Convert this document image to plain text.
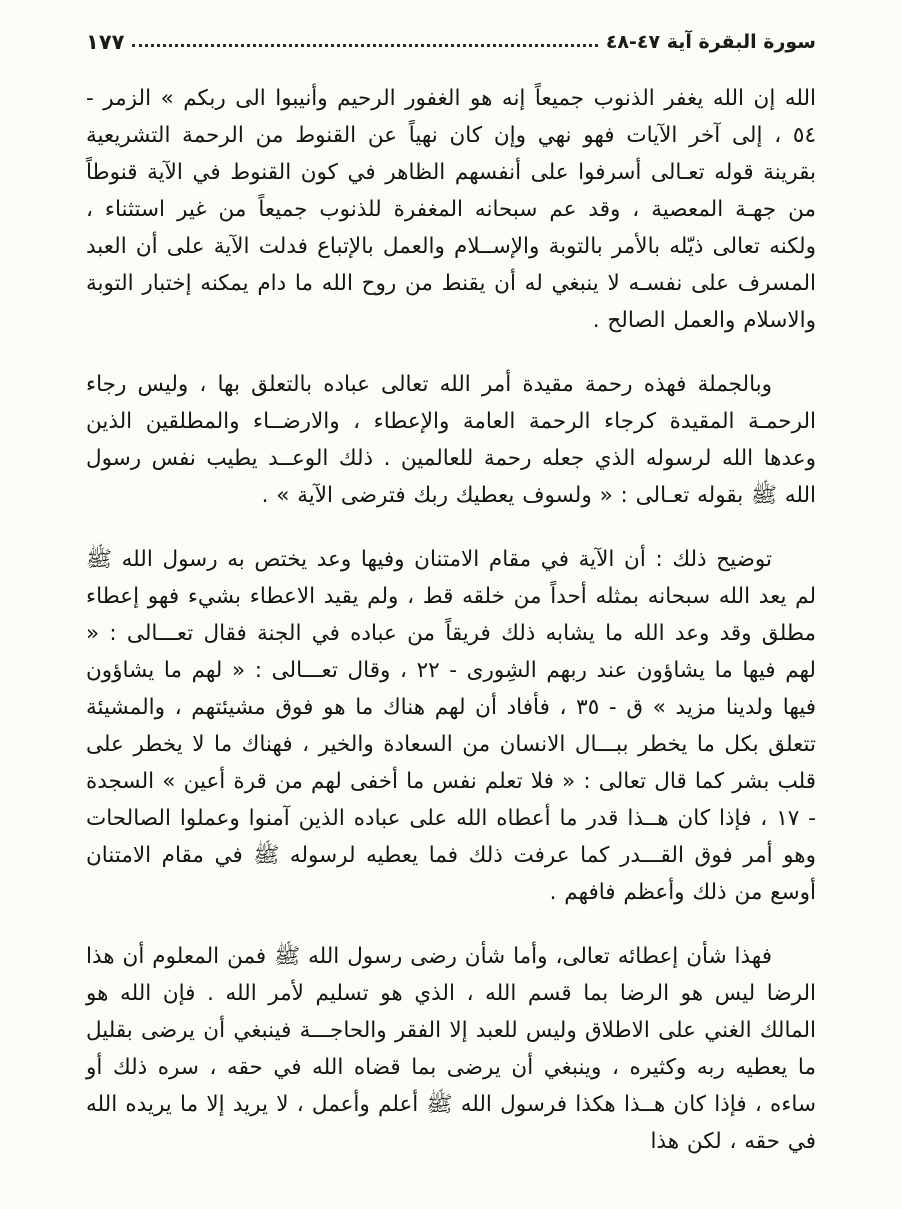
سورة البقرة آية ٤٧-٤٨
١٧٧

الله إن الله يغفر الذنوب جميعاً إنه هو الغفور الرحيم وأنيبوا الى ربكم » الزمر - ٥٤ ، إلى آخر الآيات فهو نهي وإن كان نهياً عن القنوط من الرحمة التشريعية بقرينة قوله تعـالى أسرفوا على أنفسهم الظاهر في كون القنوط في الآية قنوطاً من جهـة المعصية ، وقد عم سبحانه المغفرة للذنوب جميعاً من غير استثناء ، ولكنه تعالى ذيّله بالأمر بالتوبة والإســلام والعمل بالإتباع فدلت الآية على أن العبد المسرف على نفسـه لا ينبغي له أن يقنط من روح الله ما دام يمكنه إختبار التوبة والاسلام والعمل الصالح .

وبالجملة فهذه رحمة مقيدة أمر الله تعالى عباده بالتعلق بها ، وليس رجاء الرحمـة المقيدة كرجاء الرحمة العامة والإعطاء ، والارضــاء والمطلقين الذين وعدها الله لرسوله الذي جعله رحمة للعالمين . ذلك الوعــد يطيب نفس رسول الله ﷺ بقوله تعـالى : « ولسوف يعطيك ربك فترضى الآية » .

توضيح ذلك : أن الآية في مقام الامتنان وفيها وعد يختص به رسول الله ﷺ لم يعد الله سبحانه بمثله أحداً من خلقه قط ، ولم يقيد الاعطاء بشيء فهو إعطاء مطلق وقد وعد الله ما يشابه ذلك فريقاً من عباده في الجنة فقال تعـــالى : « لهم فيها ما يشاؤون عند ربهم الشِورى - ٢٢ ، وقال تعـــالى : « لهم ما يشاؤون فيها ولدينا مزيد » ق - ٣٥ ، فأفاد أن لهم هناك ما هو فوق مشيئتهم ، والمشيئة تتعلق بكل ما يخطر ببـــال الانسان من السعادة والخير ، فهناك ما لا يخطر على قلب بشر كما قال تعالى : « فلا تعلم نفس ما أخفى لهم من قرة أعين » السجدة - ١٧ ، فإذا كان هــذا قدر ما أعطاه الله على عباده الذين آمنوا وعملوا الصالحات وهو أمر فوق القـــدر كما عرفت ذلك فما يعطيه لرسوله ﷺ في مقام الامتنان أوسع من ذلك وأعظم فافهم .

فهذا شأن إعطائه تعالى، وأما شأن رضى رسول الله ﷺ فمن المعلوم أن هذا الرضا ليس هو الرضا بما قسم الله ، الذي هو تسليم لأمر الله . فإن الله هو المالك الغني على الاطلاق وليس للعبد إلا الفقر والحاجـــة فينبغي أن يرضى بقليل ما يعطيه ربه وكثيره ، وينبغي أن يرضى بما قضاه الله في حقه ، سره ذلك أو ساءه ، فإذا كان هــذا هكذا فرسول الله ﷺ أعلم وأعمل ، لا يريد إلا ما يريده الله في حقه ، لكن هذا
